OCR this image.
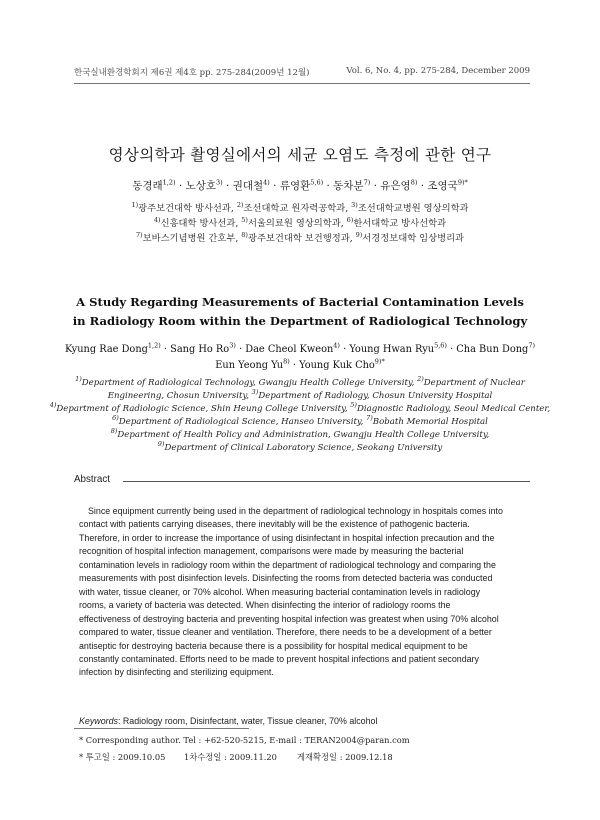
한국실내환경학회지 제6권 제4호 pp. 275-284(2009년 12월)	Vol. 6, No. 4, pp. 275-284, December 2009
영상의학과 촬영실에서의 세균 오염도 측정에 관한 연구
동경래$^{1,2)}$ · 노상호$^{3)}$ · 권대철$^{4)}$ · 류영환$^{5,6)}$ · 동차분$^{7)}$ · 유은영$^{8)}$ · 조영국$^{9)*}$
$^{1)}$광주보건대학 방사선과, $^{2)}$조선대학교 원자력공학과, $^{3)}$조선대학교병원 영상의학과
$^{4)}$신흥대학 방사선과, $^{5)}$서울의료원 영상의학과, $^{6)}$한서대학교 방사선학과
$^{7)}$보바스기념병원 간호부, $^{8)}$광주보건대학 보건행정과, $^{9)}$서경정보대학 임상병리과
A Study Regarding Measurements of Bacterial Contamination Levels
in Radiology Room within the Department of Radiological Technology
Kyung Rae Dong$^{1,2)}$ · Sang Ho $Ro^{3)}$ · Dae Cheol Kweon$^{4)}$ · Young Hwan Ryu$^{5,6)}$ · Cha Bun Dong$^{7)}$
Eun Yeong $Yu^{8)}$ · Young Kuk Cho$^{9)*}$
$^{1)}$Department of Radiological Technology, Gwangju Health College University, $^{2)}$Department of Nuclear
Engineering, Chosun University, $^{3)}$Department of Radiology, Chosun University Hospital
$^{4)}$Department of Radiologic Science, Shin Heung College University, $^{5)}$Diagnostic Radiology, Seoul Medical Center,
$^{6)}$Department of Radiological Science, Hanseo University, $^{7)}$Bobath Memorial Hospital
$^{8)}$Department of Health Policy and Administration, Gwangju Health College University,
$^{9)}$Department of Clinical Laboratory Science, Seokang University
Abstract
Since equipment currently being used in the department of radiological technology in hospitals comes into
contact with patients carrying diseases, there inevitably will be the existence of pathogenic bacteria.
Therefore, in order to increase the importance of using disinfectant in hospital infection precaution and the
recognition of hospital infection management, comparisons were made by measuring the bacterial
contamination levels in radiology room within the department of radiological technology and comparing the
measurements with post disinfection levels. Disinfecting the rooms from detected bacteria was conducted
with water, tissue cleaner, or 70% alcohol. When measuring bacterial contamination levels in radiology
rooms, a variety of bacteria was detected. When disinfecting the interior of radiology rooms the
effectiveness of destroying bacteria and preventing hospital infection was greatest when using 70% alcohol
compared to water, tissue cleaner and ventilation. Therefore, there needs to be a development of a better
antiseptic for destroying bacteria because there is a possibility for hospital medical equipment to be
constantly contaminated. Efforts need to be made to prevent hospital infections and patient secondary
infection by disinfecting and sterilizing equipment.
Keywords: Radiology room, Disinfectant, water, Tissue cleaner, 70% alcohol
* Corresponding author. Tel : +62-520-5215, E-mail : TERAN2004@paran.com
* 투고일 : 2009.10.05 1차수정일 : 2009.11.20 게재확정일 : 2009.12.18
